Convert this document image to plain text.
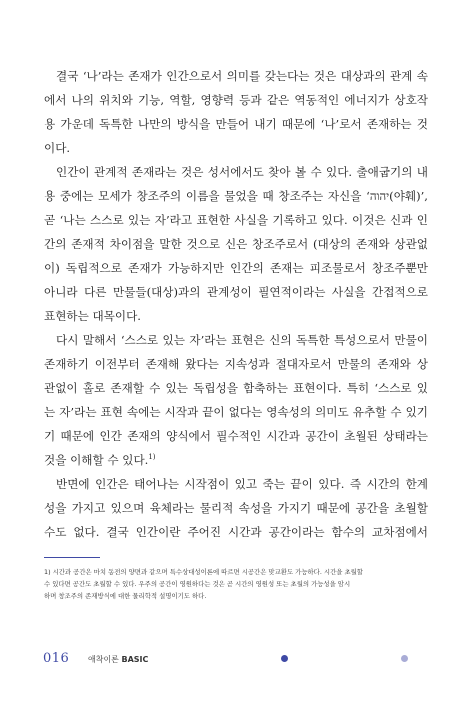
결국 ‘나’라는 존재가 인간으로서 의미를 갖는다는 것은 대상과의 관계 속
에서 나의 위치와 기능, 역할, 영향력 등과 같은 역동적인 에너지가 상호작
용 가운데 독특한 나만의 방식을 만들어 내기 때문에 ‘나’로서 존재하는 것
이다.
인간이 관계적 존재라는 것은 성서에서도 찾아 볼 수 있다. 출애굽기의 내
용 중에는 모세가 창조주의 이름을 물었을 때 창조주는 자신을 ‘יהוה(야훼)’,
곧 ‘나는 스스로 있는 자’라고 표현한 사실을 기록하고 있다. 이것은 신과 인
간의 존재적 차이점을 말한 것으로 신은 창조주로서 (대상의 존재와 상관없
이) 독립적으로 존재가 가능하지만 인간의 존재는 피조물로서 창조주뿐만
아니라 다른 만물들(대상)과의 관계성이 필연적이라는 사실을 간접적으로
표현하는 대목이다.
다시 말해서 ‘스스로 있는 자’라는 표현은 신의 독특한 특성으로서 만물이
존재하기 이전부터 존재해 왔다는 지속성과 절대자로서 만물의 존재와 상
관없이 홀로 존재할 수 있는 독립성을 함축하는 표현이다. 특히 ‘스스로 있
는 자’라는 표현 속에는 시작과 끝이 없다는 영속성의 의미도 유추할 수 있기
기 때문에 인간 존재의 양식에서 필수적인 시간과 공간이 초월된 상태라는
것을 이해할 수 있다.$^{1)}$
반면에 인간은 태어나는 시작점이 있고 죽는 끝이 있다. 즉 시간의 한계
성을 가지고 있으며 육체라는 물리적 속성을 가지기 때문에 공간을 초월할
수도 없다. 결국 인간이란 주어진 시간과 공간이라는 함수의 교차점에서
1) 시간과 공간은 마치 동전의 양면과 같으며 특수상대성이론에 따르면 시공간은 맞교환도 가능하다. 시간을 초월할
수 있다면 공간도 초월할 수 있다. 우주의 공간이 영원하다는 것은 곧 시간의 영원성 또는 초월의 가능성을 암시
하며 창조주의 존재방식에 대한 물리학적 설명이기도 하다.
016 애착이론 BASIC
